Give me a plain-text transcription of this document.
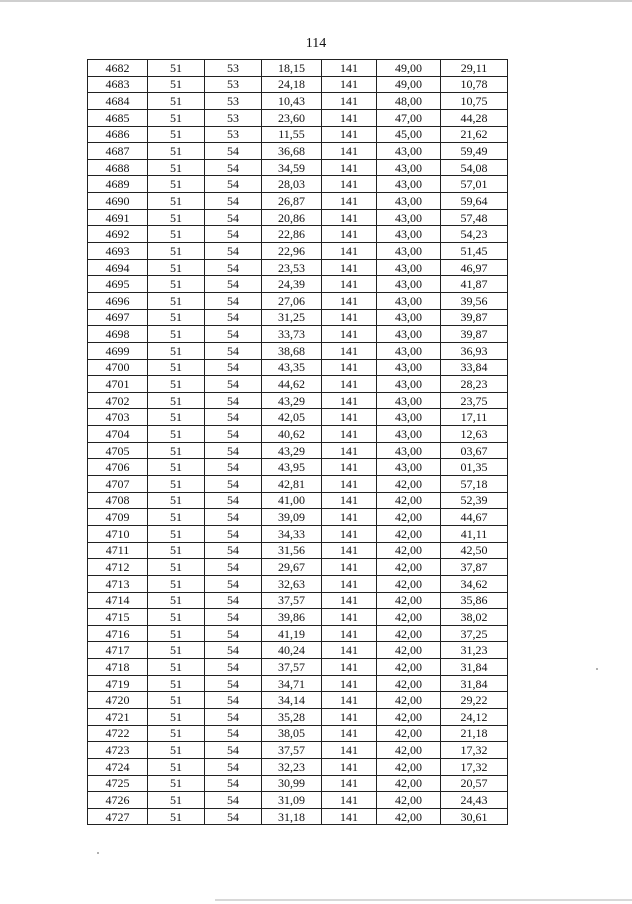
114
4682	51	53	18,15	141	49,00	29,11
4683	51	53	24,18	141	49,00	10,78
4684	51	53	10,43	141	48,00	10,75
4685	51	53	23,60	141	47,00	44,28
4686	51	53	11,55	141	45,00	21,62
4687	51	54	36,68	141	43,00	59,49
4688	51	54	34,59	141	43,00	54,08
4689	51	54	28,03	141	43,00	57,01
4690	51	54	26,87	141	43,00	59,64
4691	51	54	20,86	141	43,00	57,48
4692	51	54	22,86	141	43,00	54,23
4693	51	54	22,96	141	43,00	51,45
4694	51	54	23,53	141	43,00	46,97
4695	51	54	24,39	141	43,00	41,87
4696	51	54	27,06	141	43,00	39,56
4697	51	54	31,25	141	43,00	39,87
4698	51	54	33,73	141	43,00	39,87
4699	51	54	38,68	141	43,00	36,93
4700	51	54	43,35	141	43,00	33,84
4701	51	54	44,62	141	43,00	28,23
4702	51	54	43,29	141	43,00	23,75
4703	51	54	42,05	141	43,00	17,11
4704	51	54	40,62	141	43,00	12,63
4705	51	54	43,29	141	43,00	03,67
4706	51	54	43,95	141	43,00	01,35
4707	51	54	42,81	141	42,00	57,18
4708	51	54	41,00	141	42,00	52,39
4709	51	54	39,09	141	42,00	44,67
4710	51	54	34,33	141	42,00	41,11
4711	51	54	31,56	141	42,00	42,50
4712	51	54	29,67	141	42,00	37,87
4713	51	54	32,63	141	42,00	34,62
4714	51	54	37,57	141	42,00	35,86
4715	51	54	39,86	141	42,00	38,02
4716	51	54	41,19	141	42,00	37,25
4717	51	54	40,24	141	42,00	31,23
4718	51	54	37,57	141	42,00	31,84
4719	51	54	34,71	141	42,00	31,84
4720	51	54	34,14	141	42,00	29,22
4721	51	54	35,28	141	42,00	24,12
4722	51	54	38,05	141	42,00	21,18
4723	51	54	37,57	141	42,00	17,32
4724	51	54	32,23	141	42,00	17,32
4725	51	54	30,99	141	42,00	20,57
4726	51	54	31,09	141	42,00	24,43
4727	51	54	31,18	141	42,00	30,61
